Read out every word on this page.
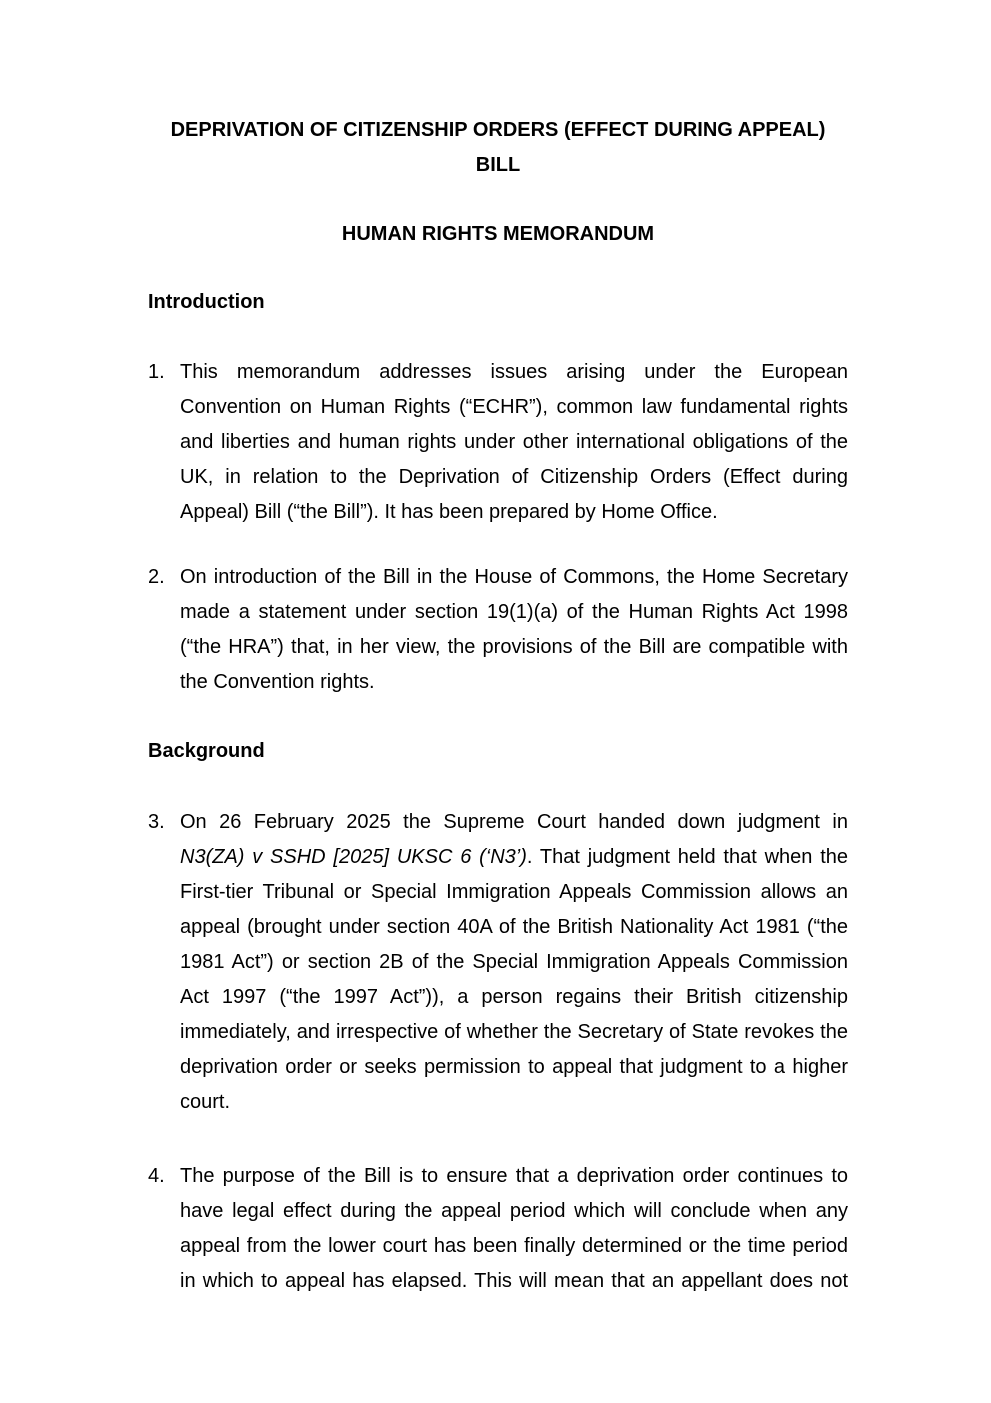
DEPRIVATION OF CITIZENSHIP ORDERS (EFFECT DURING APPEAL)
BILL
HUMAN RIGHTS MEMORANDUM
Introduction
1. This memorandum addresses issues arising under the European Convention on Human Rights (“ECHR”), common law fundamental rights and liberties and human rights under other international obligations of the UK, in relation to the Deprivation of Citizenship Orders (Effect during Appeal) Bill (“the Bill”). It has been prepared by Home Office.
2. On introduction of the Bill in the House of Commons, the Home Secretary made a statement under section 19(1)(a) of the Human Rights Act 1998 (“the HRA”) that, in her view, the provisions of the Bill are compatible with the Convention rights.
Background
3. On 26 February 2025 the Supreme Court handed down judgment in N3(ZA) v SSHD [2025] UKSC 6 (‘N3’). That judgment held that when the First-tier Tribunal or Special Immigration Appeals Commission allows an appeal (brought under section 40A of the British Nationality Act 1981 (“the 1981 Act”) or section 2B of the Special Immigration Appeals Commission Act 1997 (“the 1997 Act”)), a person regains their British citizenship immediately, and irrespective of whether the Secretary of State revokes the deprivation order or seeks permission to appeal that judgment to a higher court.
4. The purpose of the Bill is to ensure that a deprivation order continues to have legal effect during the appeal period which will conclude when any appeal from the lower court has been finally determined or the time period in which to appeal has elapsed. This will mean that an appellant does not
